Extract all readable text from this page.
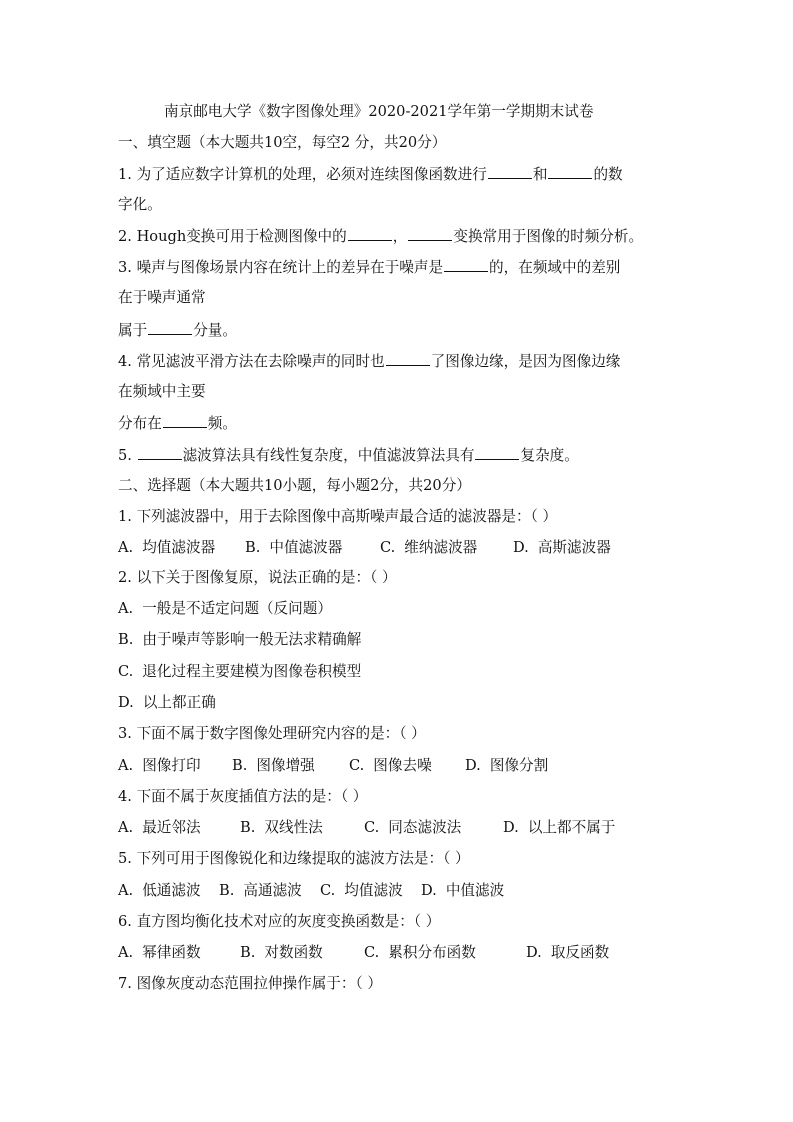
南京邮电大学《数字图像处理》2020-2021学年第一学期期末试卷
一、填空题（本大题共10空，每空2 分，共20分）
1. 为了适应数字计算机的处理，必须对连续图像函数进行	和	的数
字化。
2. Hough变换可用于检测图像中的	，	变换常用于图像的时频分析。
3. 噪声与图像场景内容在统计上的差异在于噪声是	的，在频域中的差别
在于噪声通常
属于	分量。
4. 常见滤波平滑方法在去除噪声的同时也	了图像边缘，是因为图像边缘
在频域中主要
分布在	频。
5.	滤波算法具有线性复杂度，中值滤波算法具有	复杂度。
二、选择题（本大题共10小题，每小题2分，共20分）
1. 下列滤波器中，用于去除图像中高斯噪声最合适的滤波器是：（ ）
A. 均值滤波器 B. 中值滤波器	C. 维纳滤波器 D. 高斯滤波器
2. 以下关于图像复原，说法正确的是：（ ）
A. 一般是不适定问题（反问题）
B. 由于噪声等影响一般无法求精确解
C. 退化过程主要建模为图像卷积模型
D. 以上都正确
3. 下面不属于数字图像处理研究内容的是：（ ）
A. 图像打印 B. 图像增强 C. 图像去噪 D. 图像分割
4. 下面不属于灰度插值方法的是：（ ）
A. 最近邻法	B. 双线性法	C. 同态滤波法	D. 以上都不属于
5. 下列可用于图像锐化和边缘提取的滤波方法是：（ ）
A. 低通滤波 B. 高通滤波 C. 均值滤波 D. 中值滤波
6. 直方图均衡化技术对应的灰度变换函数是：（ ）
A. 幂律函数	B. 对数函数	C. 累积分布函数	D. 取反函数
7. 图像灰度动态范围拉伸操作属于：（ ）
